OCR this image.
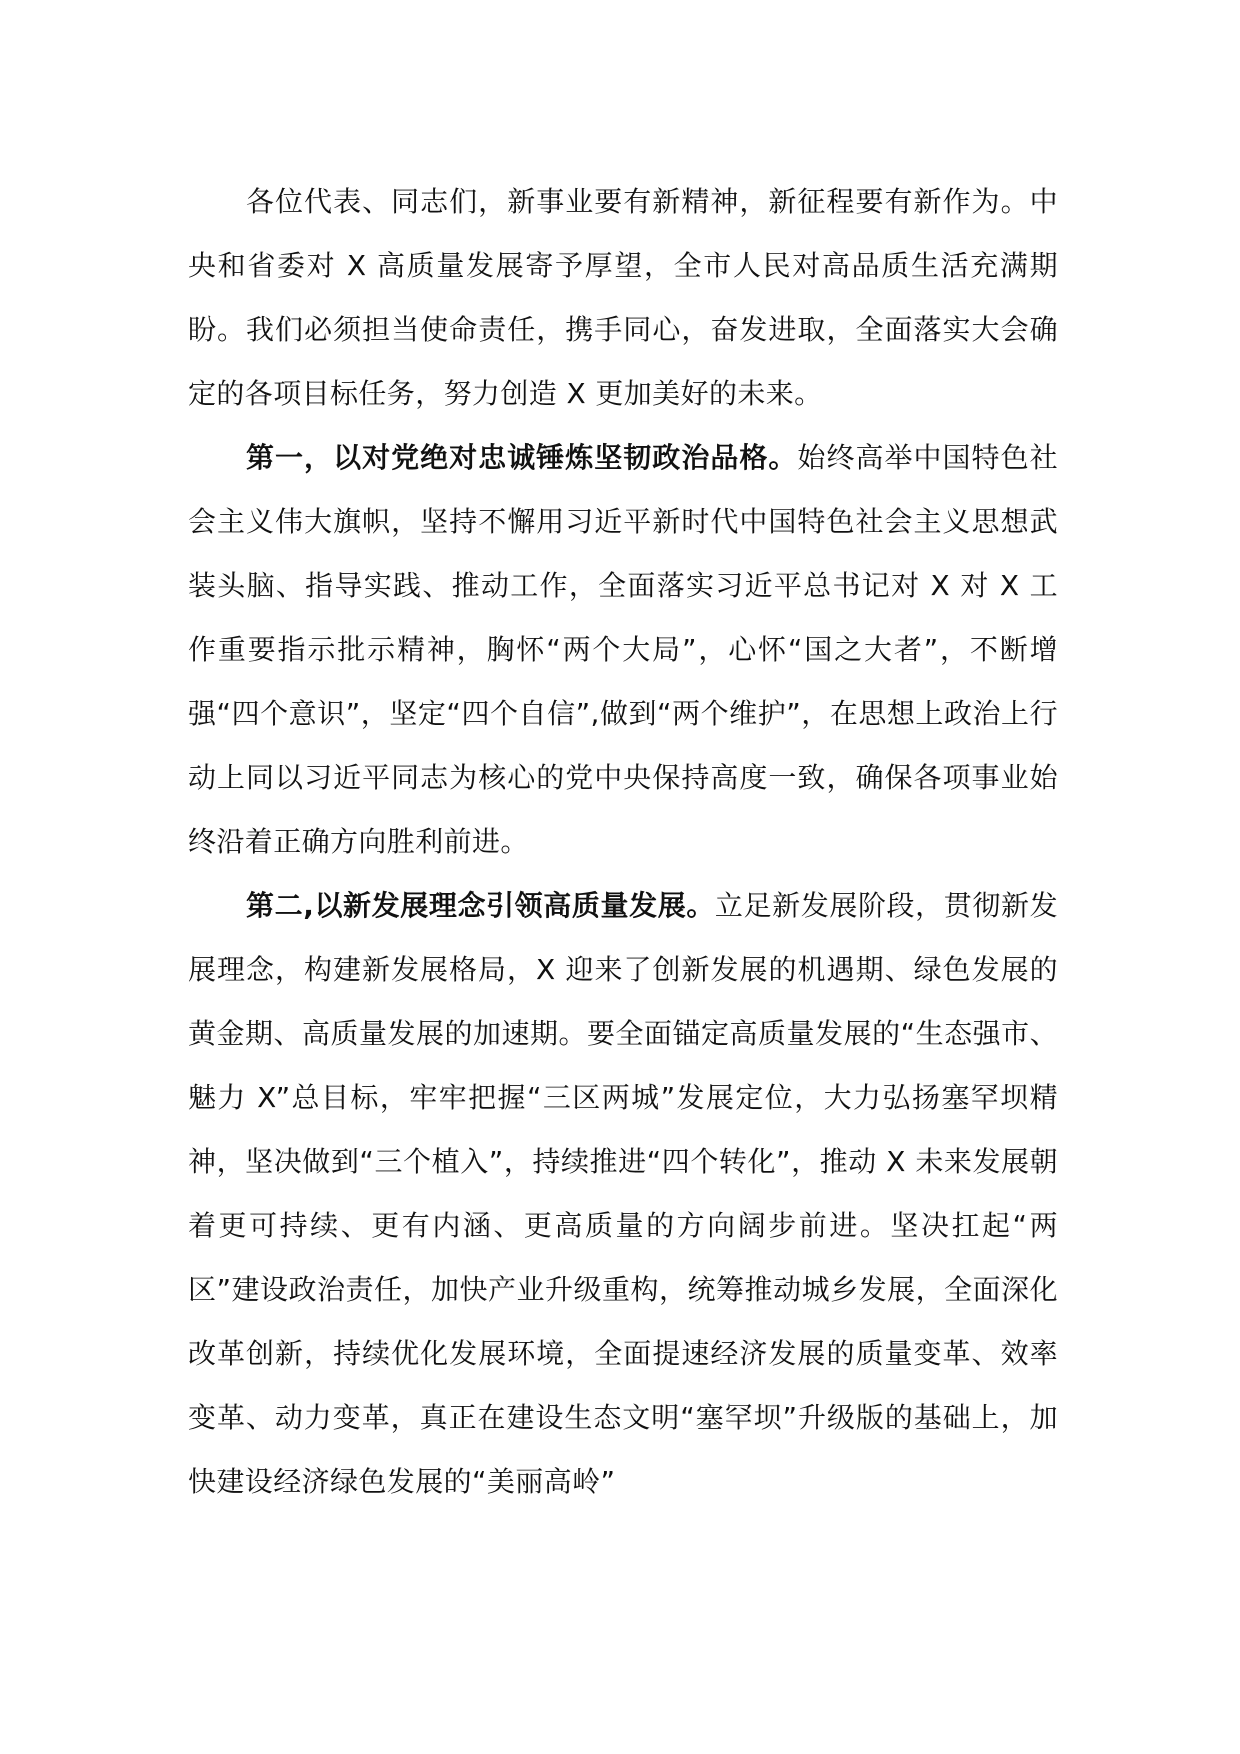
各位代表、同志们，新事业要有新精神，新征程要有新作为。中央和省委对 X 高质量发展寄予厚望，全市人民对高品质生活充满期盼。我们必须担当使命责任，携手同心，奋发进取，全面落实大会确定的各项目标任务，努力创造 X 更加美好的未来。

第一，以对党绝对忠诚锤炼坚韧政治品格。始终高举中国特色社会主义伟大旗帜，坚持不懈用习近平新时代中国特色社会主义思想武装头脑、指导实践、推动工作，全面落实习近平总书记对 X 对 X 工作重要指示批示精神，胸怀“两个大局”，心怀“国之大者”，不断增强“四个意识”，坚定“四个自信”,做到“两个维护”，在思想上政治上行动上同以习近平同志为核心的党中央保持高度一致，确保各项事业始终沿着正确方向胜利前进。

第二,以新发展理念引领高质量发展。立足新发展阶段，贯彻新发展理念，构建新发展格局，X 迎来了创新发展的机遇期、绿色发展的黄金期、高质量发展的加速期。要全面锚定高质量发展的“生态强市、魅力 X”总目标，牢牢把握“三区两城”发展定位，大力弘扬塞罕坝精神，坚决做到“三个植入”，持续推进“四个转化”，推动 X 未来发展朝着更可持续、更有内涵、更高质量的方向阔步前进。坚决扛起“两区”建设政治责任，加快产业升级重构，统筹推动城乡发展，全面深化改革创新，持续优化发展环境，全面提速经济发展的质量变革、效率变革、动力变革，真正在建设生态文明“塞罕坝”升级版的基础上，加快建设经济绿色发展的“美丽高岭”
